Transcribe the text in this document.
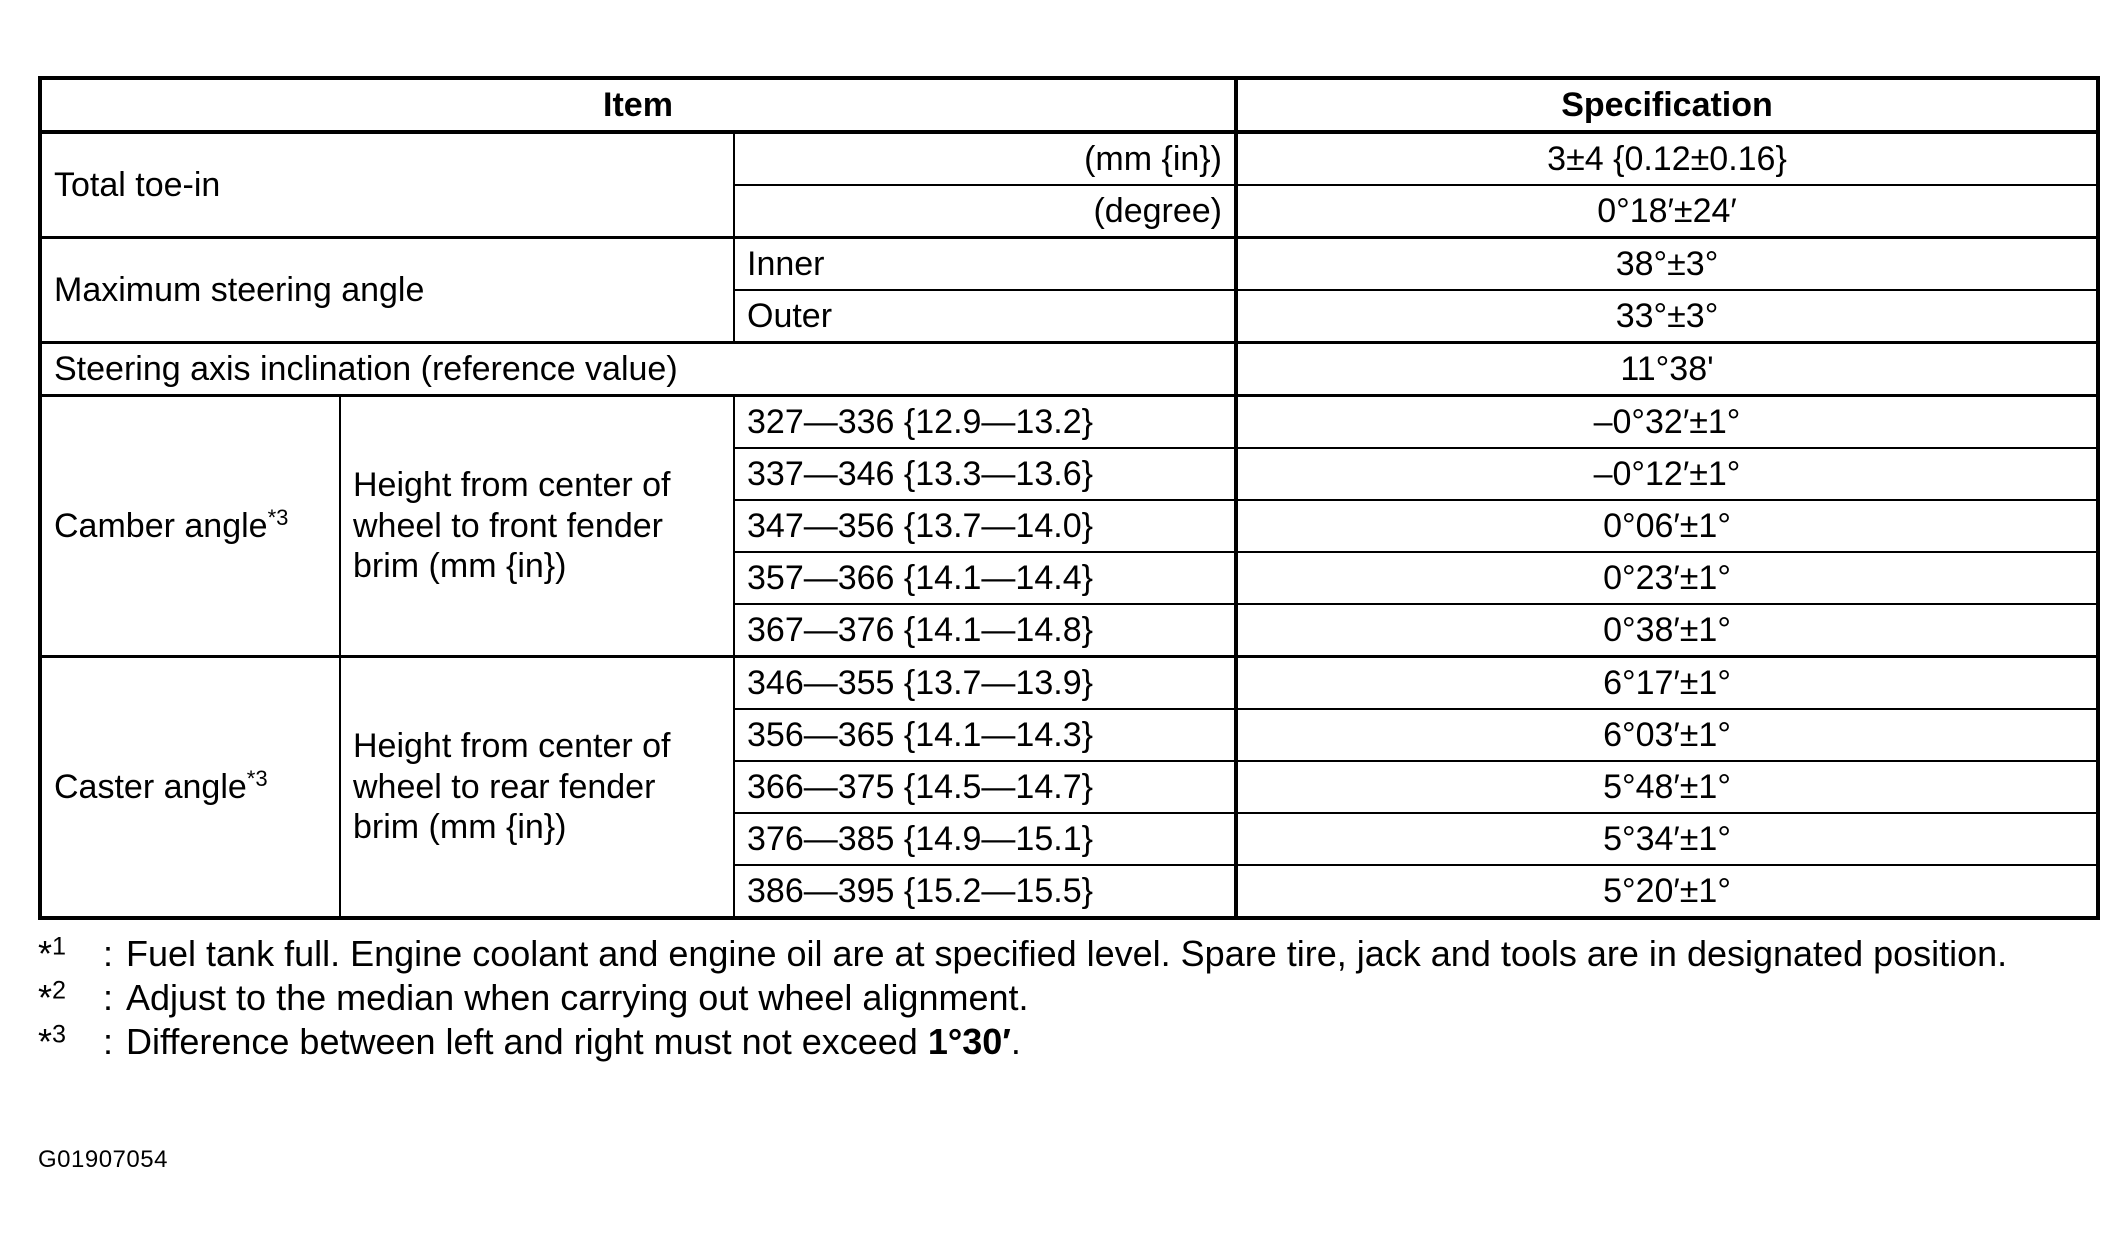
Item			Specification
Total toe-in		(mm {in})	3±4 {0.12±0.16}
		(degree)	0°18′±24′
Maximum steering angle		Inner	38°±3°
		Outer	33°±3°
Steering axis inclination (reference value)			11°38'
Camber angle$^{*3}$	Height from center of wheel to front fender brim (mm {in})	327—336 {12.9—13.2}	–0°32′±1°
		337—346 {13.3—13.6}	–0°12′±1°
		347—356 {13.7—14.0}	0°06′±1°
		357—366 {14.1—14.4}	0°23′±1°
		367—376 {14.1—14.8}	0°38′±1°
Caster angle$^{*3}$	Height from center of wheel to rear fender brim (mm {in})	346—355 {13.7—13.9}	6°17′±1°
		356—365 {14.1—14.3}	6°03′±1°
		366—375 {14.5—14.7}	5°48′±1°
		376—385 {14.9—15.1}	5°34′±1°
		386—395 {15.2—15.5}	5°20′±1°
*$^1$	: Fuel tank full. Engine coolant and engine oil are at specified level. Spare tire, jack and tools are in designated position.
*$^2$	: Adjust to the median when carrying out wheel alignment.
*$^3$	: Difference between left and right must not exceed 1°30′.
G01907054
